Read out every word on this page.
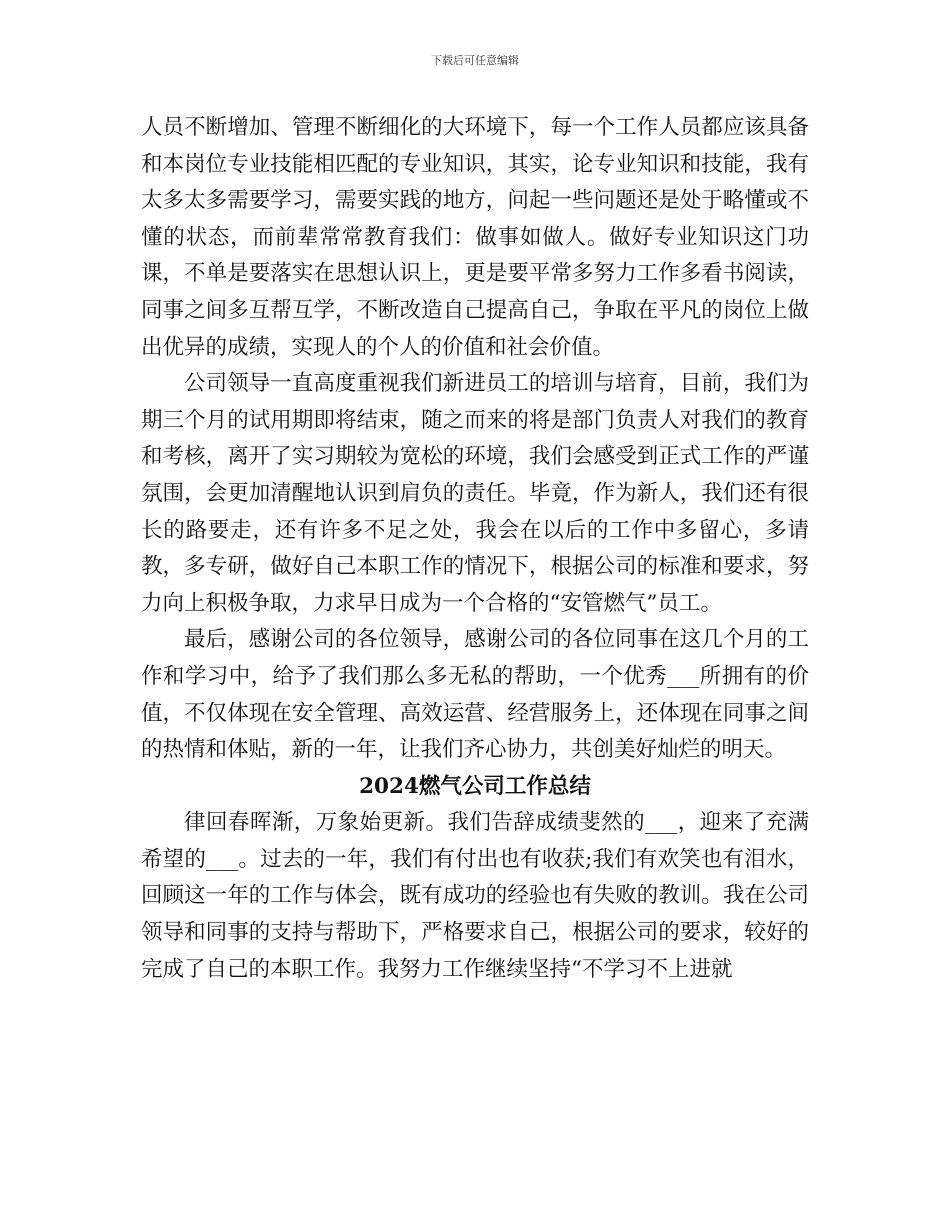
下载后可任意编辑

人员不断增加、管理不断细化的大环境下，每一个工作人员都应该具备和本岗位专业技能相匹配的专业知识，其实，论专业知识和技能，我有太多太多需要学习，需要实践的地方，问起一些问题还是处于略懂或不懂的状态，而前辈常常教育我们：做事如做人。做好专业知识这门功课，不单是要落实在思想认识上，更是要平常多努力工作多看书阅读，同事之间多互帮互学，不断改造自己提高自己，争取在平凡的岗位上做出优异的成绩，实现人的个人的价值和社会价值。

公司领导一直高度重视我们新进员工的培训与培育，目前，我们为期三个月的试用期即将结束，随之而来的将是部门负责人对我们的教育和考核，离开了实习期较为宽松的环境，我们会感受到正式工作的严谨氛围，会更加清醒地认识到肩负的责任。毕竟，作为新人，我们还有很长的路要走，还有许多不足之处，我会在以后的工作中多留心，多请教，多专研，做好自己本职工作的情况下，根据公司的标准和要求，努力向上积极争取，力求早日成为一个合格的“安管燃气”员工。

最后，感谢公司的各位领导，感谢公司的各位同事在这几个月的工作和学习中，给予了我们那么多无私的帮助，一个优秀___所拥有的价值，不仅体现在安全管理、高效运营、经营服务上，还体现在同事之间的热情和体贴，新的一年，让我们齐心协力，共创美好灿烂的明天。

2024燃气公司工作总结

律回春晖渐，万象始更新。我们告辞成绩斐然的___，迎来了充满希望的___。过去的一年，我们有付出也有收获;我们有欢笑也有泪水，回顾这一年的工作与体会，既有成功的经验也有失败的教训。我在公司领导和同事的支持与帮助下，严格要求自己，根据公司的要求，较好的完成了自己的本职工作。我努力工作继续坚持“不学习不上进就
